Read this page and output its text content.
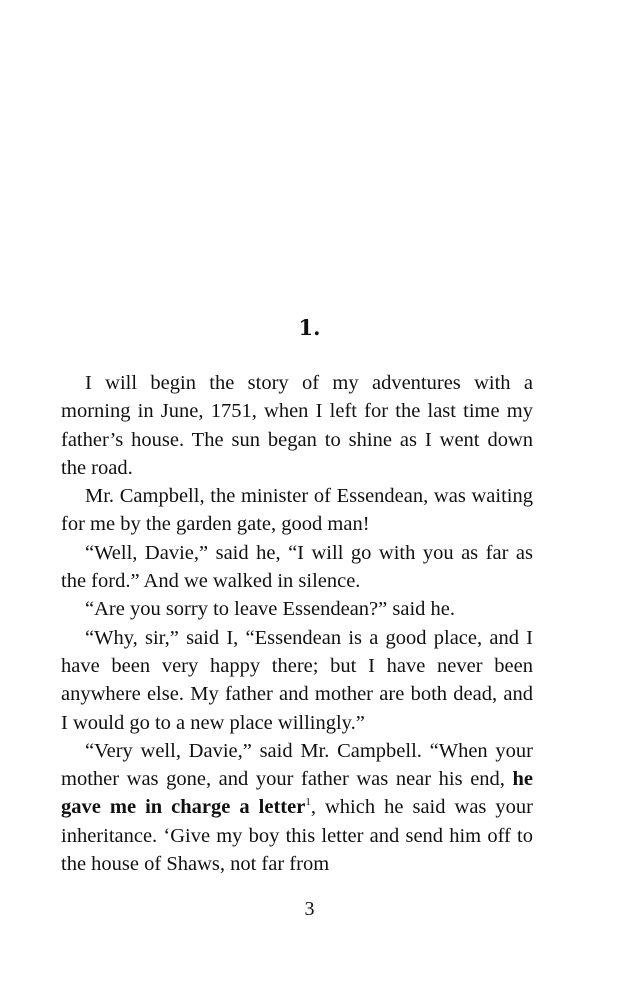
1.

I will begin the story of my adventures with a morning in June, 1751, when I left for the last time my father’s house. The sun began to shine as I went down the road.

Mr. Campbell, the minister of Essendean, was waiting for me by the garden gate, good man!

“Well, Davie,” said he, “I will go with you as far as the ford.” And we walked in silence.

“Are you sorry to leave Essendean?” said he.

“Why, sir,” said I, “Essendean is a good place, and I have been very happy there; but I have never been anywhere else. My father and mother are both dead, and I would go to a new place willingly.”

“Very well, Davie,” said Mr. Campbell. “When your mother was gone, and your father was near his end, he gave me in charge a letter$^1$, which he said was your inheritance. ‘Give my boy this letter and send him off to the house of Shaws, not far from

3
